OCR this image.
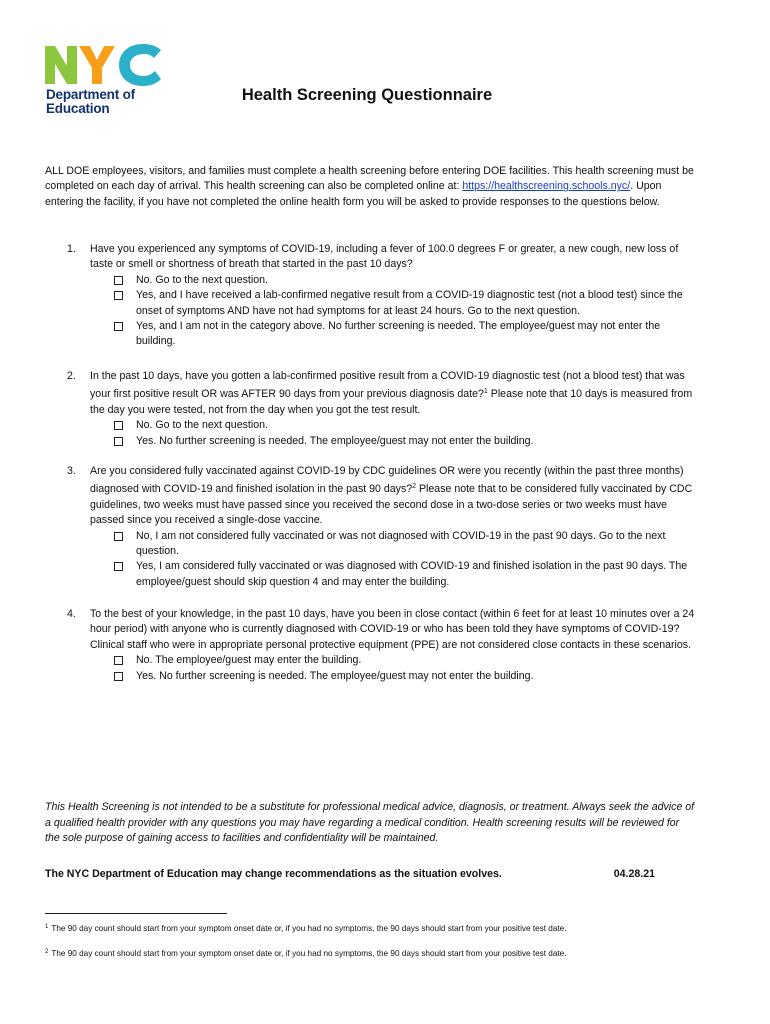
Department of
Education
Health Screening Questionnaire
ALL DOE employees, visitors, and families must complete a health screening before entering DOE facilities. This health screening must be completed on each day of arrival. This health screening can also be completed online at: https://healthscreening.schools.nyc/. Upon entering the facility, if you have not completed the online health form you will be asked to provide responses to the questions below.
1. Have you experienced any symptoms of COVID-19, including a fever of 100.0 degrees F or greater, a new cough, new loss of taste or smell or shortness of breath that started in the past 10 days?
No. Go to the next question.
Yes, and I have received a lab-confirmed negative result from a COVID-19 diagnostic test (not a blood test) since the onset of symptoms AND have not had symptoms for at least 24 hours. Go to the next question.
Yes, and I am not in the category above. No further screening is needed. The employee/guest may not enter the building.
2. In the past 10 days, have you gotten a lab-confirmed positive result from a COVID-19 diagnostic test (not a blood test) that was your first positive result OR was AFTER 90 days from your previous diagnosis date?$^1$ Please note that 10 days is measured from the day you were tested, not from the day when you got the test result.
No. Go to the next question.
Yes. No further screening is needed. The employee/guest may not enter the building.
3. Are you considered fully vaccinated against COVID-19 by CDC guidelines OR were you recently (within the past three months) diagnosed with COVID-19 and finished isolation in the past 90 days?$^2$ Please note that to be considered fully vaccinated by CDC guidelines, two weeks must have passed since you received the second dose in a two-dose series or two weeks must have passed since you received a single-dose vaccine.
No, I am not considered fully vaccinated or was not diagnosed with COVID-19 in the past 90 days. Go to the next question.
Yes, I am considered fully vaccinated or was diagnosed with COVID-19 and finished isolation in the past 90 days. The employee/guest should skip question 4 and may enter the building.
4. To the best of your knowledge, in the past 10 days, have you been in close contact (within 6 feet for at least 10 minutes over a 24 hour period) with anyone who is currently diagnosed with COVID-19 or who has been told they have symptoms of COVID-19? Clinical staff who were in appropriate personal protective equipment (PPE) are not considered close contacts in these scenarios.
No. The employee/guest may enter the building.
Yes. No further screening is needed. The employee/guest may not enter the building.
This Health Screening is not intended to be a substitute for professional medical advice, diagnosis, or treatment. Always seek the advice of a qualified health provider with any questions you may have regarding a medical condition. Health screening results will be reviewed for the sole purpose of gaining access to facilities and confidentiality will be maintained.
The NYC Department of Education may change recommendations as the situation evolves.	04.28.21
$^1$ The 90 day count should start from your symptom onset date or, if you had no symptoms, the 90 days should start from your positive test date.
$^2$ The 90 day count should start from your symptom onset date or, if you had no symptoms, the 90 days should start from your positive test date.
